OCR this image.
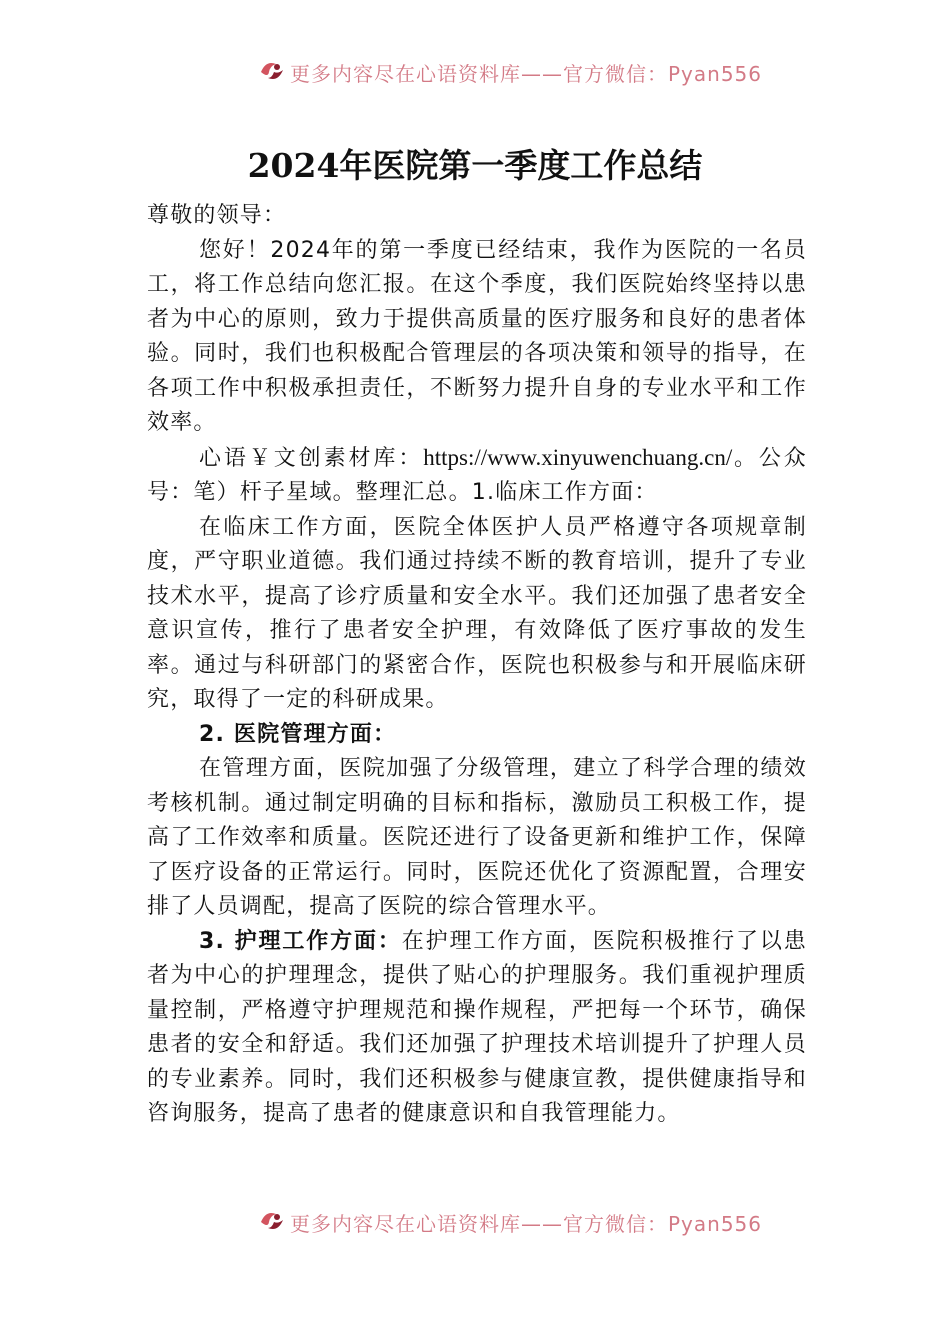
更多内容尽在心语资料库——官方微信：Pyan556
2024年医院第一季度工作总结

尊敬的领导：

您好！2024年的第一季度已经结束，我作为医院的一名员工，将工作总结向您汇报。在这个季度，我们医院始终坚持以患者为中心的原则，致力于提供高质量的医疗服务和良好的患者体验。同时，我们也积极配合管理层的各项决策和领导的指导，在各项工作中积极承担责任，不断努力提升自身的专业水平和工作效率。

心语￥文创素材库：https://www.xinyuwenchuang.cn/。公众号：笔）杆子星域。整理汇总。1.临床工作方面：

在临床工作方面，医院全体医护人员严格遵守各项规章制度，严守职业道德。我们通过持续不断的教育培训，提升了专业技术水平，提高了诊疗质量和安全水平。我们还加强了患者安全意识宣传，推行了患者安全护理，有效降低了医疗事故的发生率。通过与科研部门的紧密合作，医院也积极参与和开展临床研究，取得了一定的科研成果。

2. 医院管理方面：

在管理方面，医院加强了分级管理，建立了科学合理的绩效考核机制。通过制定明确的目标和指标，激励员工积极工作，提高了工作效率和质量。医院还进行了设备更新和维护工作，保障了医疗设备的正常运行。同时，医院还优化了资源配置，合理安排了人员调配，提高了医院的综合管理水平。

3. 护理工作方面：在护理工作方面，医院积极推行了以患者为中心的护理理念，提供了贴心的护理服务。我们重视护理质量控制，严格遵守护理规范和操作规程，严把每一个环节，确保患者的安全和舒适。我们还加强了护理技术培训提升了护理人员的专业素养。同时，我们还积极参与健康宣教，提供健康指导和咨询服务，提高了患者的健康意识和自我管理能力。

更多内容尽在心语资料库——官方微信：Pyan556
